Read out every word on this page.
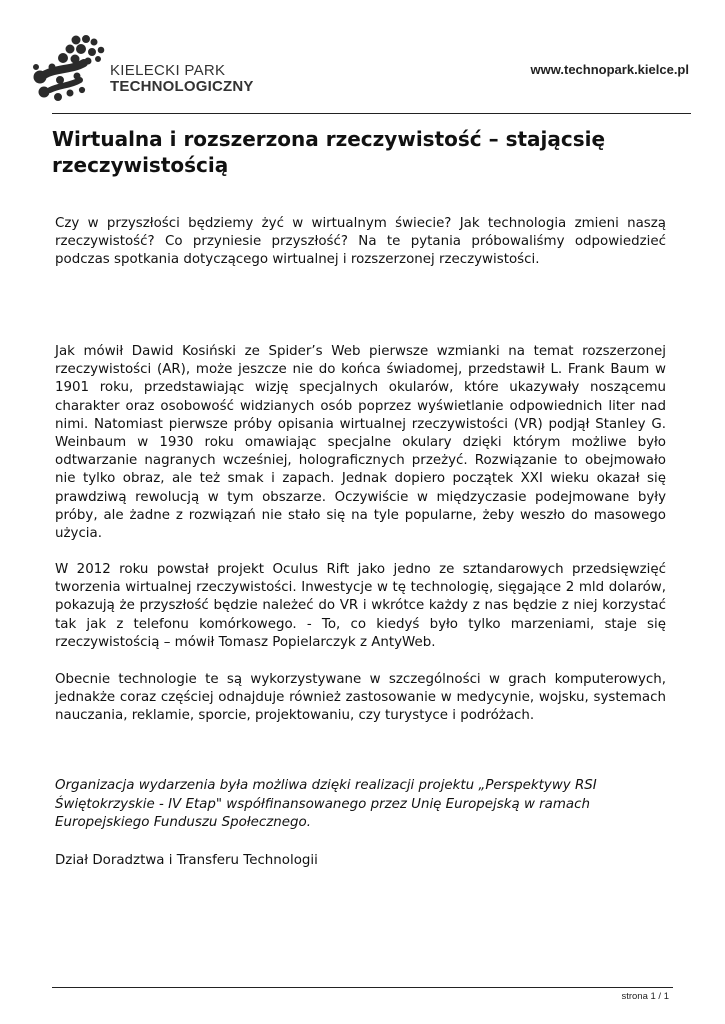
KIELECKI PARK
TECHNOLOGICZNY
www.technopark.kielce.pl
Wirtualna i rozszerzona rzeczywistość – stającsię rzeczywistością

Czy w przyszłości będziemy żyć w wirtualnym świecie? Jak technologia zmieni naszą rzeczywistość? Co przyniesie przyszłość? Na te pytania próbowaliśmy odpowiedzieć podczas spotkania dotyczącego wirtualnej i rozszerzonej rzeczywistości.

Jak mówił Dawid Kosiński ze Spider’s Web pierwsze wzmianki na temat rozszerzonej rzeczywistości (AR), może jeszcze nie do końca świadomej, przedstawił L. Frank Baum w 1901 roku, przedstawiając wizję specjalnych okularów, które ukazywały noszącemu charakter oraz osobowość widzianych osób poprzez wyświetlanie odpowiednich liter nad nimi. Natomiast pierwsze próby opisania wirtualnej rzeczywistości (VR) podjął Stanley G. Weinbaum w 1930 roku omawiając specjalne okulary dzięki którym możliwe było odtwarzanie nagranych wcześniej, holograficznych przeżyć. Rozwiązanie to obejmowało nie tylko obraz, ale też smak i zapach. Jednak dopiero początek XXI wieku okazał się prawdziwą rewolucją w tym obszarze. Oczywiście w międzyczasie podejmowane były próby, ale żadne z rozwiązań nie stało się na tyle popularne, żeby weszło do masowego użycia.

W 2012 roku powstał projekt Oculus Rift jako jedno ze sztandarowych przedsięwzięć tworzenia wirtualnej rzeczywistości. Inwestycje w tę technologię, sięgające 2 mld dolarów, pokazują że przyszłość będzie należeć do VR i wkrótce każdy z nas będzie z niej korzystać tak jak z telefonu komórkowego. - To, co kiedyś było tylko marzeniami, staje się rzeczywistością – mówił Tomasz Popielarczyk z AntyWeb.

Obecnie technologie te są wykorzystywane w szczególności w grach komputerowych, jednakże coraz częściej odnajduje również zastosowanie w medycynie, wojsku, systemach nauczania, reklamie, sporcie, projektowaniu, czy turystyce i podróżach.

Organizacja wydarzenia była możliwa dzięki realizacji projektu „Perspektywy RSI Świętokrzyskie - IV Etap" współfinansowanego przez Unię Europejską w ramach Europejskiego Funduszu Społecznego.

Dział Doradztwa i Transferu Technologii

strona 1 / 1
